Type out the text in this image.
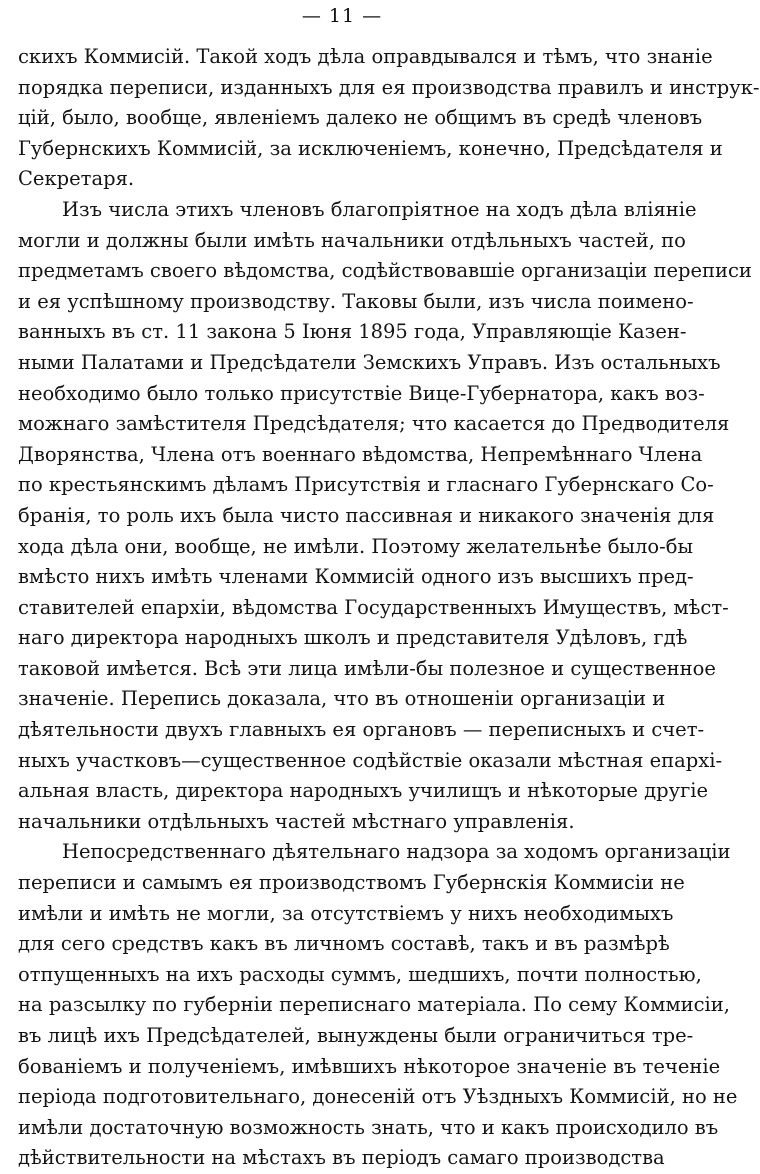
— 11 —
скихъ Коммисій. Такой ходъ дѣла оправдывался и тѣмъ, что знаніе
порядка переписи, изданныхъ для ея производства правилъ и инструк-
цій, было, вообще, явленіемъ далеко не общимъ въ средѣ членовъ
Губернскихъ Коммисій, за исключеніемъ, конечно, Предсѣдателя и
Секретаря.
Изъ числа этихъ членовъ благопріятное на ходъ дѣла вліяніе
могли и должны были имѣть начальники отдѣльныхъ частей, по
предметамъ своего вѣдомства, содѣйствовавшіе организаціи переписи
и ея успѣшному производству. Таковы были, изъ числа поимено-
ванныхъ въ ст. 11 закона 5 Іюня 1895 года, Управляющіе Казен-
ными Палатами и Предсѣдатели Земскихъ Управъ. Изъ остальныхъ
необходимо было только присутствіе Вице-Губернатора, какъ воз-
можнаго замѣстителя Предсѣдателя; что касается до Предводителя
Дворянства, Члена отъ военнаго вѣдомства, Непремѣннаго Члена
по крестьянскимъ дѣламъ Присутствія и гласнаго Губернскаго Со-
бранія, то роль ихъ была чисто пассивная и никакого значенія для
хода дѣла они, вообще, не имѣли. Поэтому желательнѣе было-бы
вмѣсто нихъ имѣть членами Коммисій одного изъ высшихъ пред-
ставителей епархіи, вѣдомства Государственныхъ Имуществъ, мѣст-
наго директора народныхъ школъ и представителя Удѣловъ, гдѣ
таковой имѣется. Всѣ эти лица имѣли-бы полезное и существенное
значеніе. Перепись доказала, что въ отношеніи организаціи и
дѣятельности двухъ главныхъ ея органовъ — переписныхъ и счет-
ныхъ участковъ—существенное содѣйствіе оказали мѣстная епархі-
альная власть, директора народныхъ училищъ и нѣкоторые другіе
начальники отдѣльныхъ частей мѣстнаго управленія.
Непосредственнаго дѣятельнаго надзора за ходомъ организаціи
переписи и самымъ ея производствомъ Губернскія Коммисіи не
имѣли и имѣть не могли, за отсутствіемъ у нихъ необходимыхъ
для сего средствъ какъ въ личномъ составѣ, такъ и въ размѣрѣ
отпущенныхъ на ихъ расходы суммъ, шедшихъ, почти полностью,
на разсылку по губерніи переписнаго матеріала. По сему Коммисіи,
въ лицѣ ихъ Предсѣдателей, вынуждены были ограничиться тре-
бованіемъ и полученіемъ, имѣвшихъ нѣкоторое значеніе въ теченіе
періода подготовительнаго, донесеній отъ Уѣздныхъ Коммисій, но не
имѣли достаточную возможность знать, что и какъ происходило въ
дѣйствительности на мѣстахъ въ періодъ самаго производства
